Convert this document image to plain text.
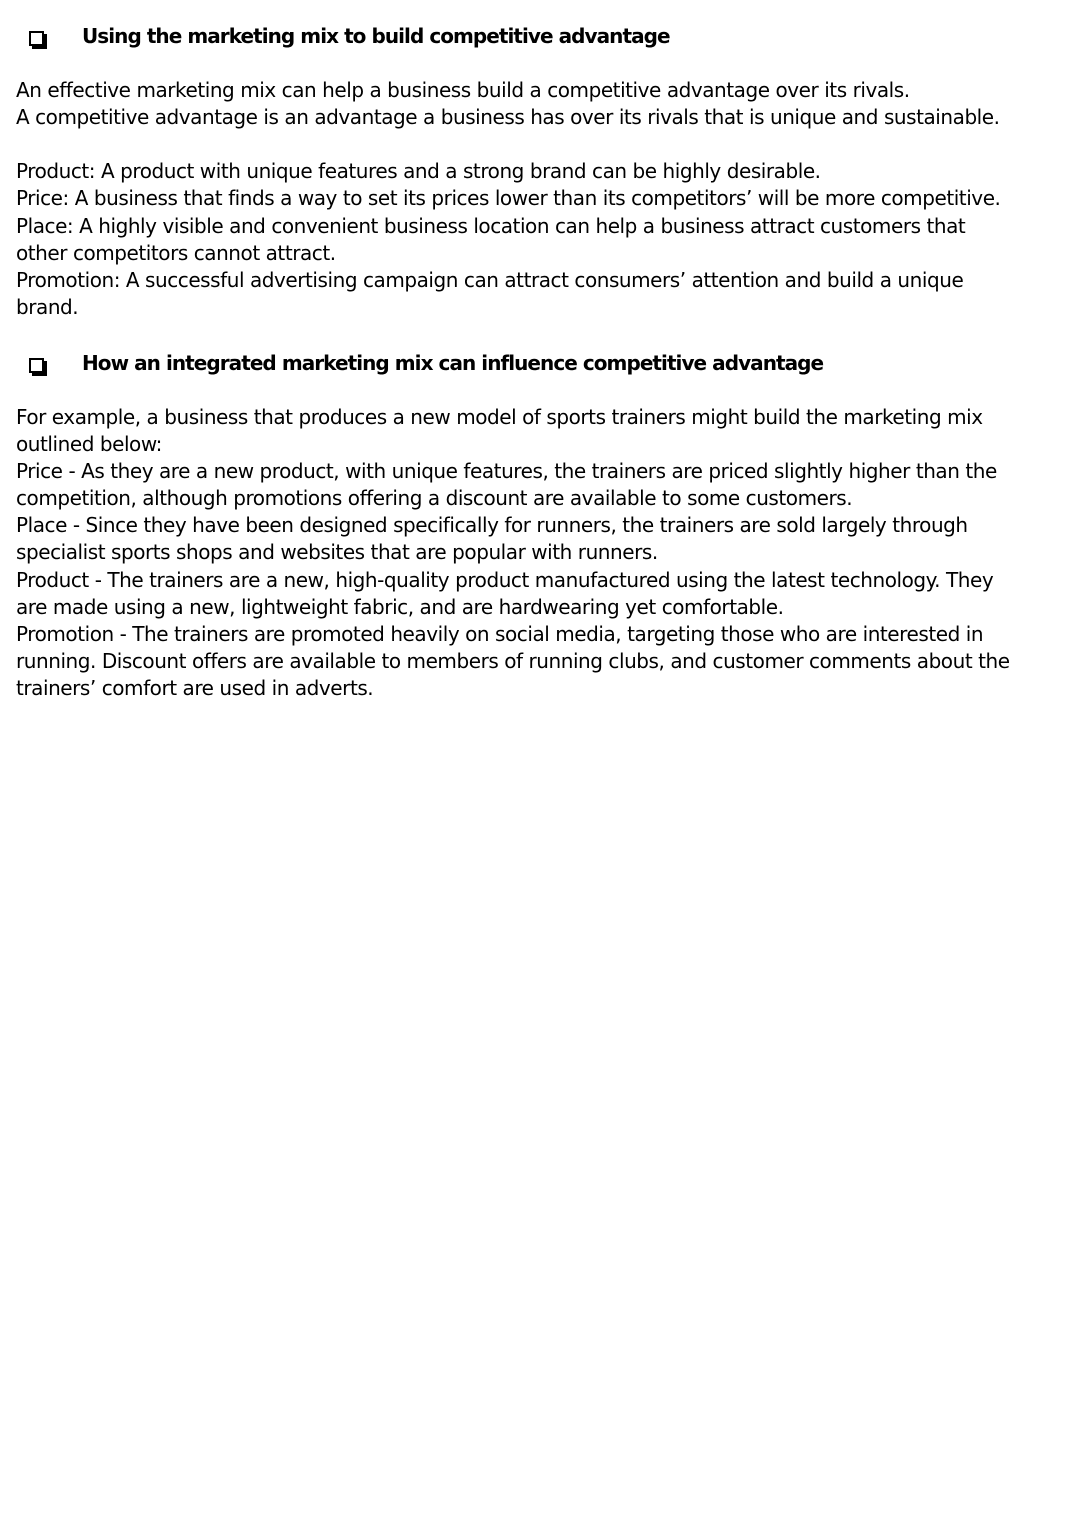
Using the marketing mix to build competitive advantage
An effective marketing mix can help a business build a competitive advantage over its rivals.
A competitive advantage is an advantage a business has over its rivals that is unique and sustainable.
Product: A product with unique features and a strong brand can be highly desirable.
Price: A business that finds a way to set its prices lower than its competitors’ will be more competitive.
Place: A highly visible and convenient business location can help a business attract customers that
other competitors cannot attract.
Promotion: A successful advertising campaign can attract consumers’ attention and build a unique
brand.
How an integrated marketing mix can influence competitive advantage
For example, a business that produces a new model of sports trainers might build the marketing mix
outlined below:
Price - As they are a new product, with unique features, the trainers are priced slightly higher than the
competition, although promotions offering a discount are available to some customers.
Place - Since they have been designed specifically for runners, the trainers are sold largely through
specialist sports shops and websites that are popular with runners.
Product - The trainers are a new, high-quality product manufactured using the latest technology. They
are made using a new, lightweight fabric, and are hardwearing yet comfortable.
Promotion - The trainers are promoted heavily on social media, targeting those who are interested in
running. Discount offers are available to members of running clubs, and customer comments about the
trainers’ comfort are used in adverts.
